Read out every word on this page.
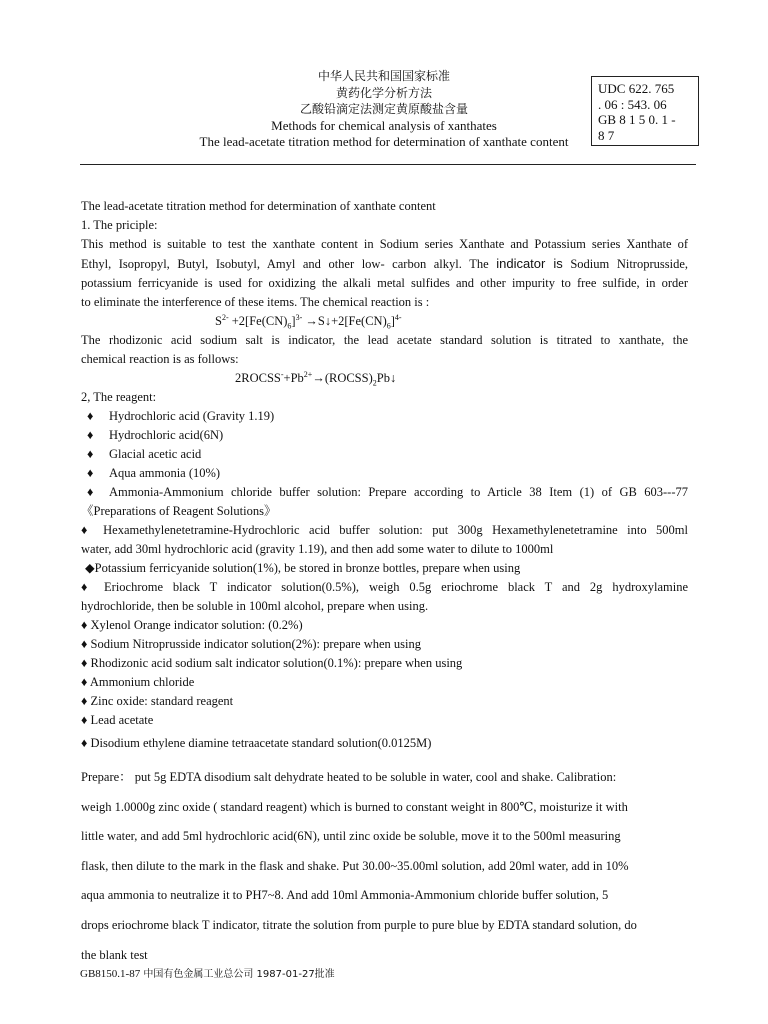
中华人民共和国国家标准
黄药化学分析方法
乙酸铅滴定法测定黄原酸盐含量
Methods for chemical analysis of xanthates
The lead-acetate titration method for determination of xanthate content
UDC 622. 765
. 06 : 543. 06
GB 8 1 5 0. 1 -
8 7
The lead-acetate titration method for determination of xanthate content
1. The priciple:
This method is suitable to test the xanthate content in Sodium series Xanthate and Potassium series Xanthate of
Ethyl, Isopropyl, Butyl, Isobutyl, Amyl and other low- carbon alkyl. The indicator is Sodium Nitroprusside,
potassium ferricyanide is used for oxidizing the alkali metal sulfides and other impurity to free sulfide, in order
to eliminate the interference of these items. The chemical reaction is :
$S^{2-} +2[Fe(CN)_6]^{3-}$ $\to S↓+2[Fe(CN)_6]^{4-}$
The rhodizonic acid sodium salt is indicator, the lead acetate standard solution is titrated to xanthate, the
chemical reaction is as follows:
$2ROCSS^-+Pb^{2+}\to(ROCSS)_2Pb↓$
2, The reagent:
♦ Hydrochloric acid (Gravity 1.19)
♦ Hydrochloric acid(6N)
♦ Glacial acetic acid
♦ Aqua ammonia (10%)
♦ Ammonia-Ammonium chloride buffer solution: Prepare according to Article 38 Item (1) of GB 603---77
《Preparations of Reagent Solutions》
♦ Hexamethylenetetramine-Hydrochloric acid buffer solution: put 300g Hexamethylenetetramine into 500ml
water, add 30ml hydrochloric acid (gravity 1.19), and then add some water to dilute to 1000ml
◆Potassium ferricyanide solution(1%), be stored in bronze bottles, prepare when using
♦ Eriochrome black T indicator solution(0.5%), weigh 0.5g eriochrome black T and 2g hydroxylamine
hydrochloride, then be soluble in 100ml alcohol, prepare when using.
♦ Xylenol Orange indicator solution: (0.2%)
♦ Sodium Nitroprusside indicator solution(2%): prepare when using
♦ Rhodizonic acid sodium salt indicator solution(0.1%): prepare when using
♦ Ammonium chloride
♦ Zinc oxide: standard reagent
♦ Lead acetate
♦ Disodium ethylene diamine tetraacetate standard solution(0.0125M)
Prepare： put 5g EDTA disodium salt dehydrate heated to be soluble in water, cool and shake. Calibration:
weigh 1.0000g zinc oxide ( standard reagent) which is burned to constant weight in 800℃, moisturize it with
little water, and add 5ml hydrochloric acid(6N), until zinc oxide be soluble, move it to the 500ml measuring
flask, then dilute to the mark in the flask and shake. Put 30.00~35.00ml solution, add 20ml water, add in 10%
aqua ammonia to neutralize it to PH7~8. And add 10ml Ammonia-Ammonium chloride buffer solution, 5
drops eriochrome black T indicator, titrate the solution from purple to pure blue by EDTA standard solution, do
the blank test
GB8150.1-87 中国有色金属工业总公司 1987-01-27批准
